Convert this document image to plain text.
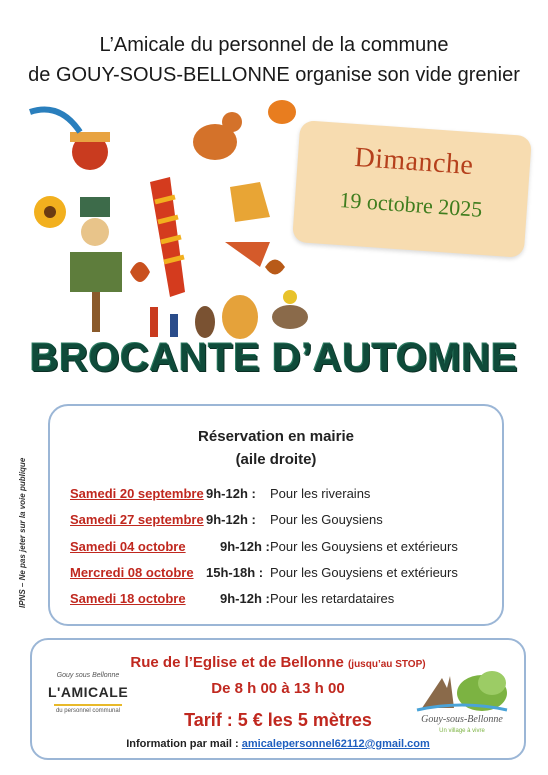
L’Amicale du personnel de la commune
de GOUY-SOUS-BELLONNE organise son vide grenier
Dimanche
19 octobre 2025
BROCANTE D’AUTOMNE
Réservation en mairie
(aile droite)
Samedi 20 septembre 9h-12h : Pour les riverains
Samedi 27 septembre 9h-12h : Pour les Gouysiens
Samedi 04 octobre	9h-12h : Pour les Gouysiens et extérieurs
Mercredi 08 octobre 15h-18h : Pour les Gouysiens et extérieurs
Samedi 18 octobre	9h-12h : Pour les retardataires
IPNS – Ne pas jeter sur la voie publique
Rue de l’Eglise et de Bellonne (jusqu’au STOP)
De 8 h 00 à 13 h 00
Tarif : 5 € les 5 mètres
Information par mail : amicalepersonnel62112@gmail.com
Gouy sous Bellonne
L'AMICALE
du personnel communal
Gouy-sous-Bellonne
Un village à vivre
